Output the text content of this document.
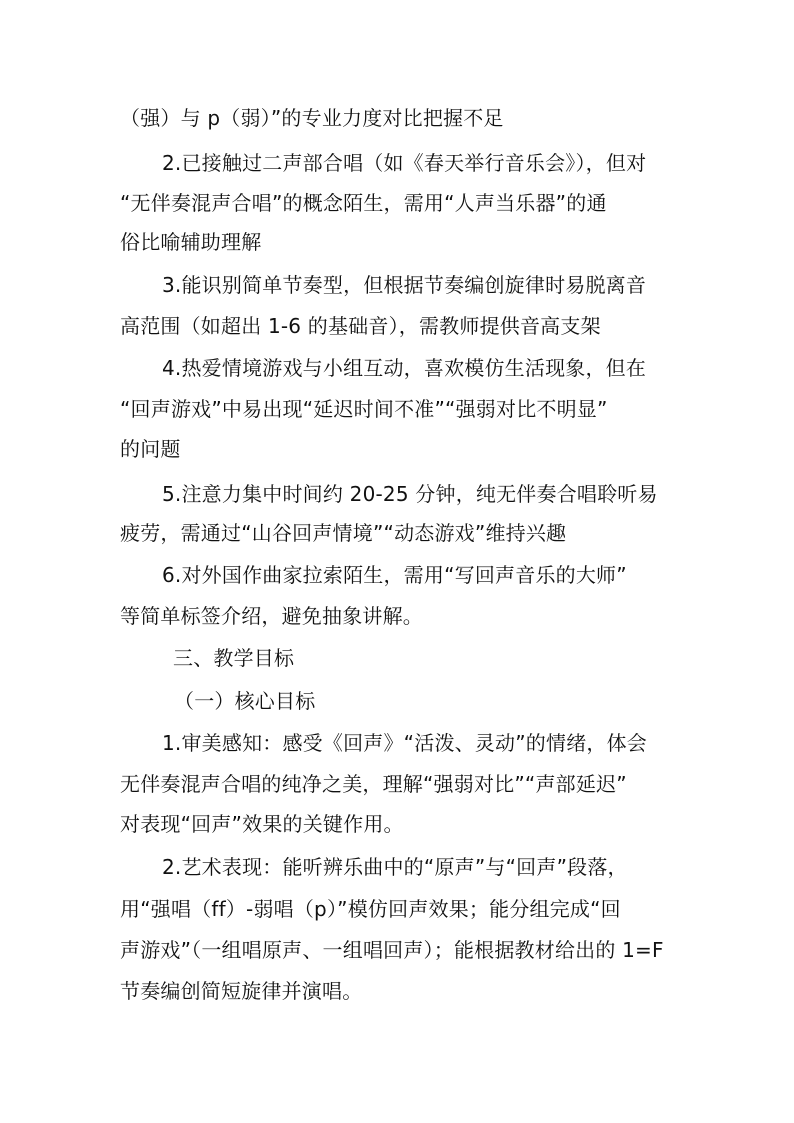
（强）与 p（弱）”的专业力度对比把握不足
2.已接触过二声部合唱（如《春天举行音乐会》），但对
“无伴奏混声合唱”的概念陌生，需用“人声当乐器”的通
俗比喻辅助理解
3.能识别简单节奏型，但根据节奏编创旋律时易脱离音
高范围（如超出 1-6 的基础音），需教师提供音高支架
4.热爱情境游戏与小组互动，喜欢模仿生活现象，但在
“回声游戏”中易出现“延迟时间不准”“强弱对比不明显”
的问题
5.注意力集中时间约 20-25 分钟，纯无伴奏合唱聆听易
疲劳，需通过“山谷回声情境”“动态游戏”维持兴趣
6.对外国作曲家拉索陌生，需用“写回声音乐的大师”
等简单标签介绍，避免抽象讲解。
三、教学目标
（一）核心目标
1.审美感知：感受《回声》“活泼、灵动”的情绪，体会
无伴奏混声合唱的纯净之美，理解“强弱对比”“声部延迟”
对表现“回声”效果的关键作用。
2.艺术表现：能听辨乐曲中的“原声”与“回声”段落，
用“强唱（ff）-弱唱（p）”模仿回声效果；能分组完成“回
声游戏”（一组唱原声、一组唱回声）；能根据教材给出的 1=F
节奏编创简短旋律并演唱。
